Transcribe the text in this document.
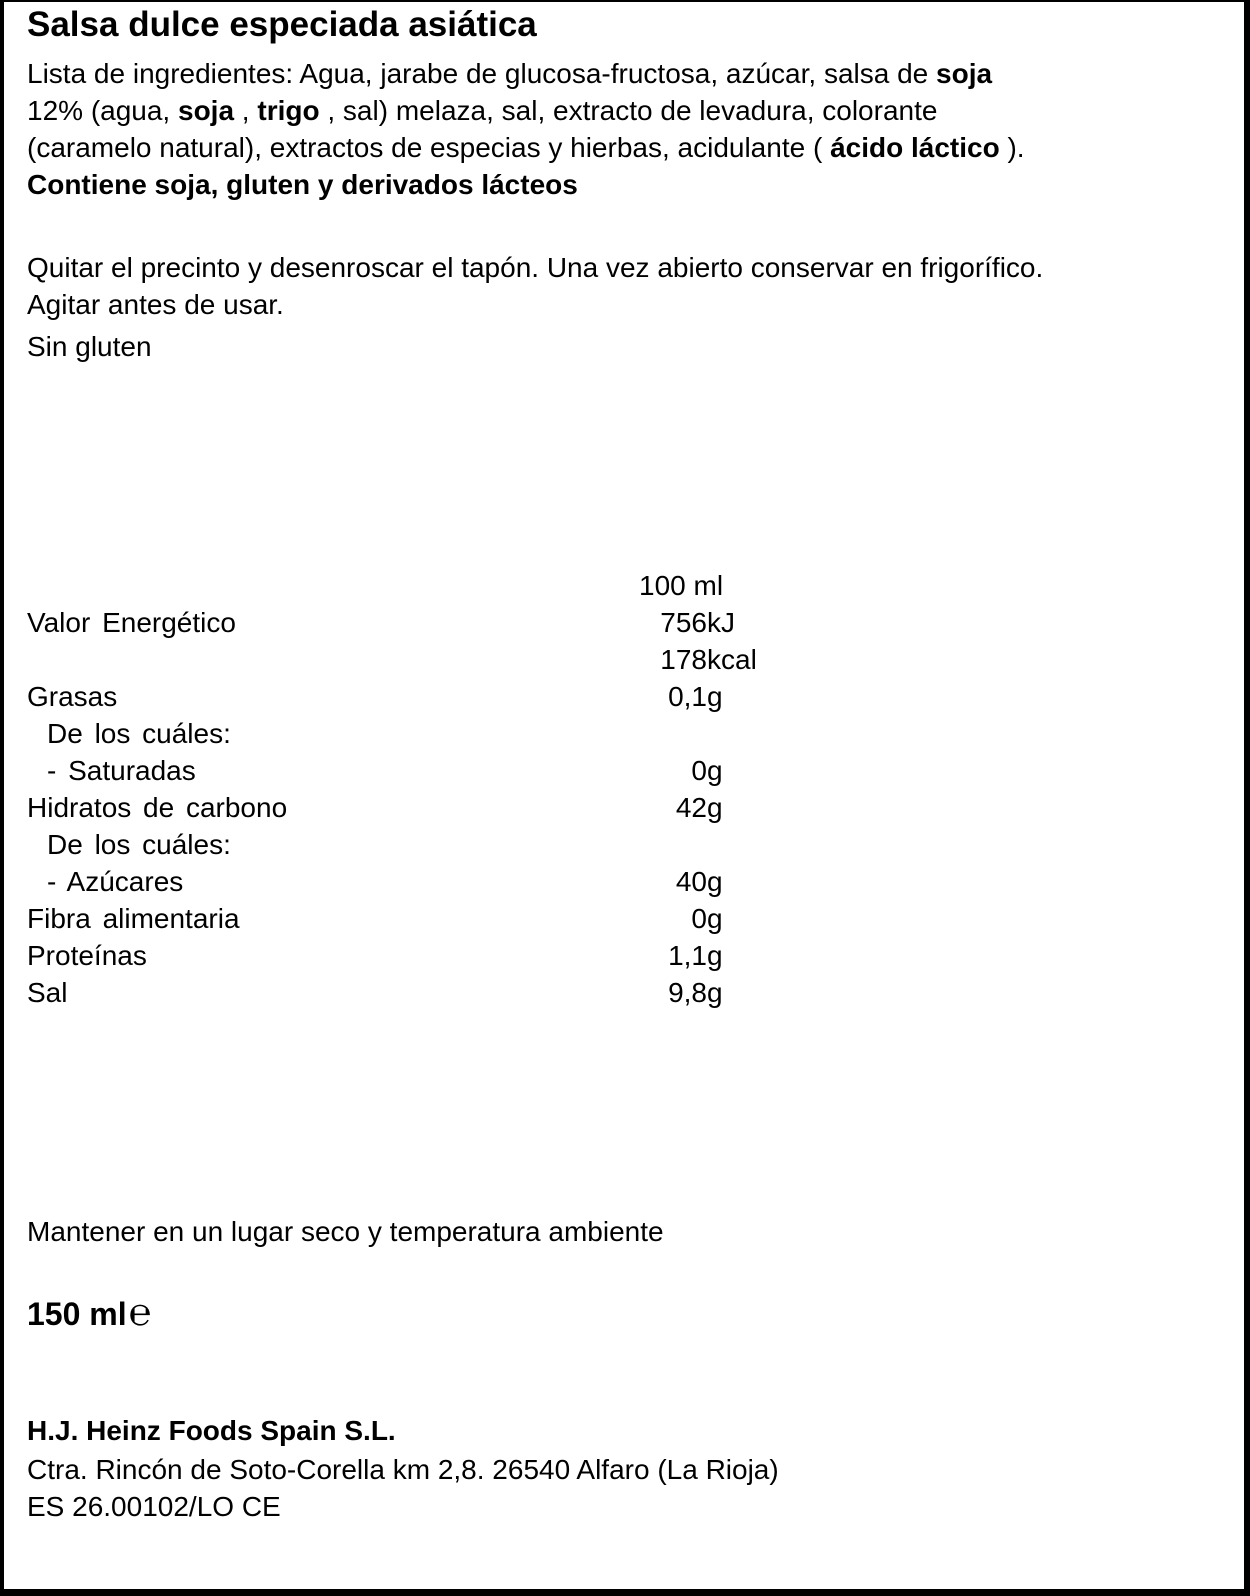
Salsa dulce especiada asiática
Lista de ingredientes: Agua, jarabe de glucosa-fructosa, azúcar, salsa de soja
12% (agua, soja , trigo , sal) melaza, sal, extracto de levadura, colorante
(caramelo natural), extractos de especias y hierbas, acidulante ( ácido láctico ).
Contiene soja, gluten y derivados lácteos
Quitar el precinto y desenroscar el tapón. Una vez abierto conservar en frigorífico.
Agitar antes de usar.
Sin gluten
100 ml
Valor Energético	756 kJ
178 kcal
Grasas	0,1 g
De los cuáles:
- Saturadas	0 g
Hidratos de carbono	42 g
De los cuáles:
- Azúcares	40 g
Fibra alimentaria	0 g
Proteínas	1,1 g
Sal	9,8 g
Mantener en un lugar seco y temperatura ambiente
150 ml℮
H.J. Heinz Foods Spain S.L.
Ctra. Rincón de Soto-Corella km 2,8. 26540 Alfaro (La Rioja)
ES 26.00102/LO CE
